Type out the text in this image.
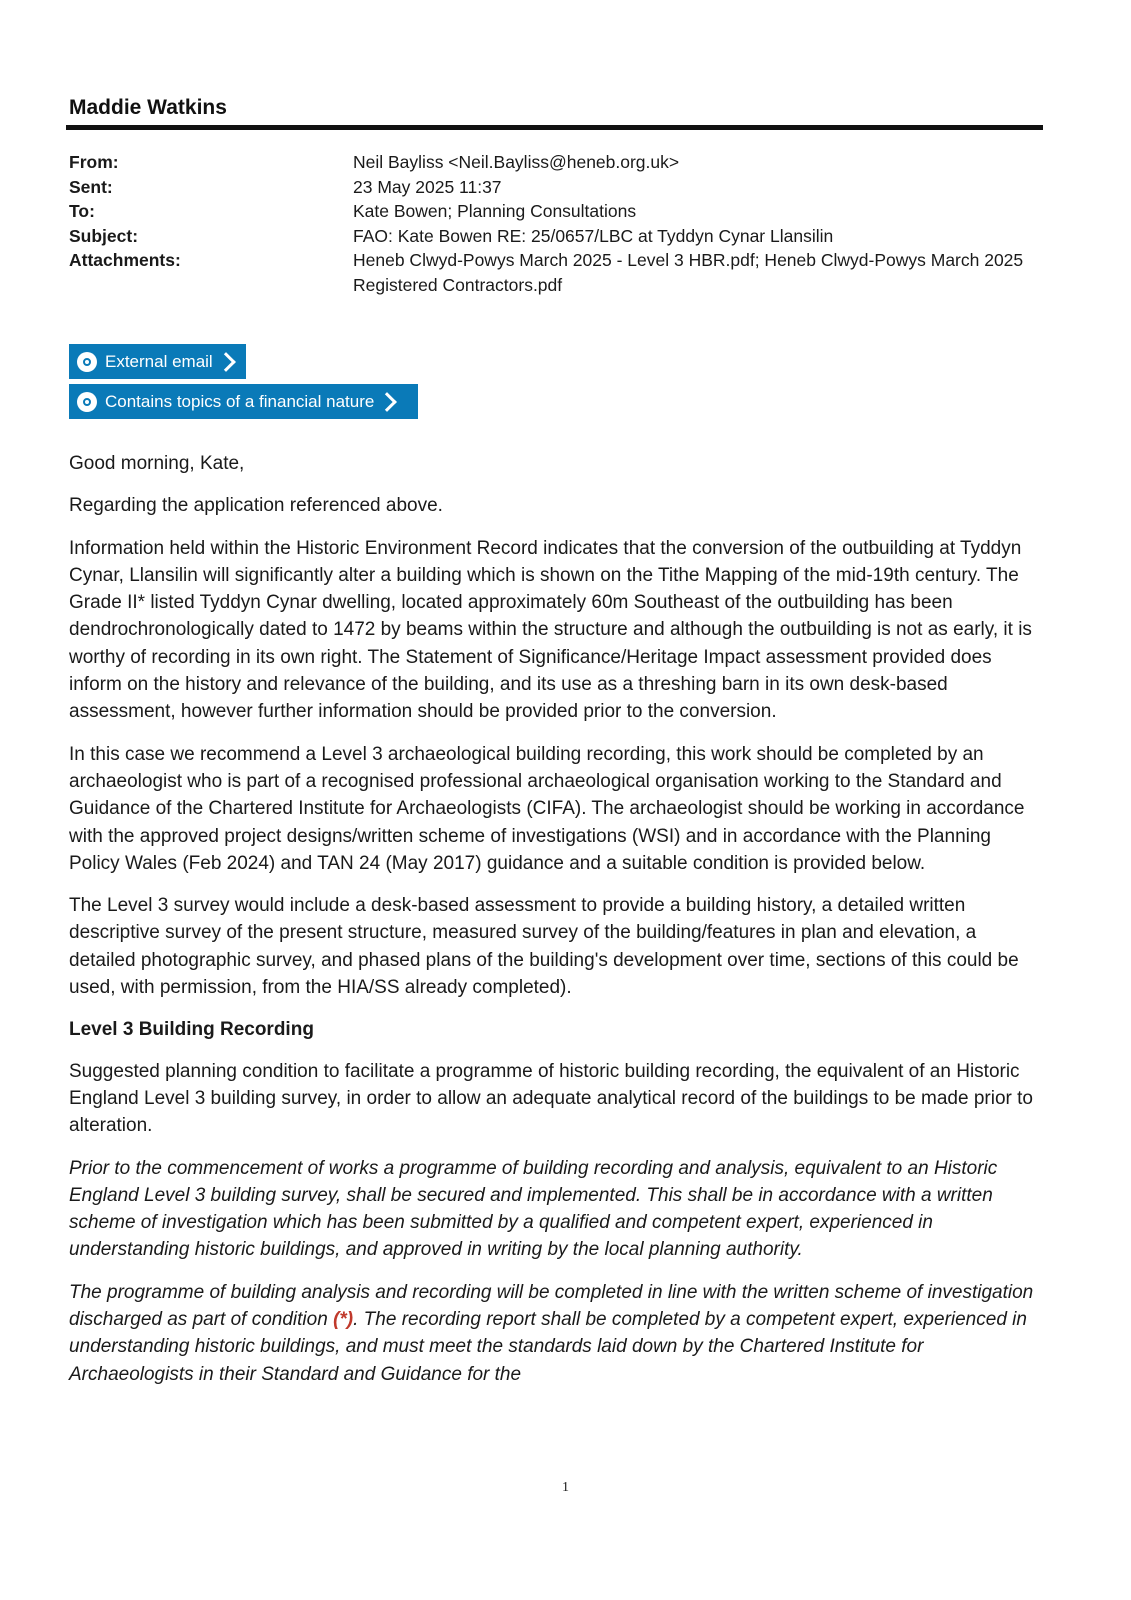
Maddie Watkins
From:	Neil Bayliss <Neil.Bayliss@heneb.org.uk>
Sent:	23 May 2025 11:37
To:	Kate Bowen; Planning Consultations
Subject:	FAO: Kate Bowen RE: 25/0657/LBC at Tyddyn Cynar Llansilin
Attachments:	Heneb Clwyd-Powys March 2025 - Level 3 HBR.pdf; Heneb Clwyd-Powys March 2025 Registered Contractors.pdf
External email
Contains topics of a financial nature

Good morning, Kate,

Regarding the application referenced above.

Information held within the Historic Environment Record indicates that the conversion of the outbuilding at Tyddyn Cynar, Llansilin will significantly alter a building which is shown on the Tithe Mapping of the mid-19th century. The Grade II* listed Tyddyn Cynar dwelling, located approximately 60m Southeast of the outbuilding has been dendrochronologically dated to 1472 by beams within the structure and although the outbuilding is not as early, it is worthy of recording in its own right. The Statement of Significance/Heritage Impact assessment provided does inform on the history and relevance of the building, and its use as a threshing barn in its own desk-based assessment, however further information should be provided prior to the conversion.

In this case we recommend a Level 3 archaeological building recording, this work should be completed by an archaeologist who is part of a recognised professional archaeological organisation working to the Standard and Guidance of the Chartered Institute for Archaeologists (CIFA). The archaeologist should be working in accordance with the approved project designs/written scheme of investigations (WSI) and in accordance with the Planning Policy Wales (Feb 2024) and TAN 24 (May 2017) guidance and a suitable condition is provided below.

The Level 3 survey would include a desk-based assessment to provide a building history, a detailed written descriptive survey of the present structure, measured survey of the building/features in plan and elevation, a detailed photographic survey, and phased plans of the building's development over time, sections of this could be used, with permission, from the HIA/SS already completed).

Level 3 Building Recording

Suggested planning condition to facilitate a programme of historic building recording, the equivalent of an Historic England Level 3 building survey, in order to allow an adequate analytical record of the buildings to be made prior to alteration.

Prior to the commencement of works a programme of building recording and analysis, equivalent to an Historic England Level 3 building survey, shall be secured and implemented. This shall be in accordance with a written scheme of investigation which has been submitted by a qualified and competent expert, experienced in understanding historic buildings, and approved in writing by the local planning authority.

The programme of building analysis and recording will be completed in line with the written scheme of investigation discharged as part of condition (*). The recording report shall be completed by a competent expert, experienced in understanding historic buildings, and must meet the standards laid down by the Chartered Institute for Archaeologists in their Standard and Guidance for the

1
